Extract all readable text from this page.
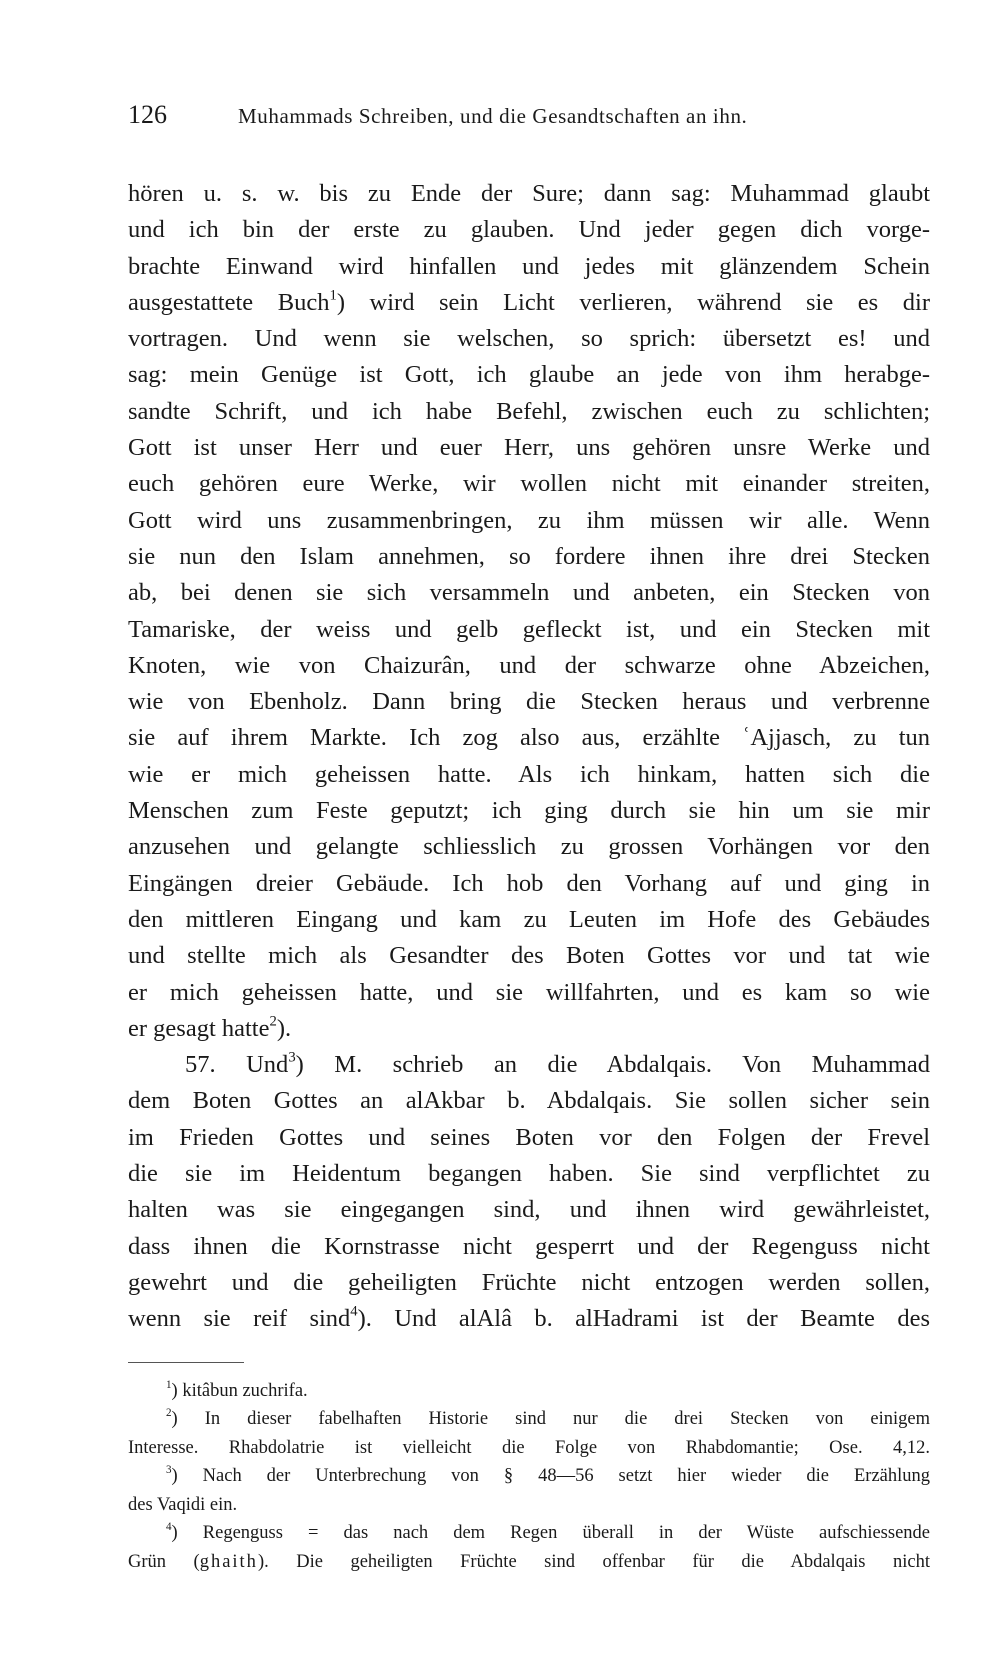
126	Muhammads Schreiben, und die Gesandtschaften an ihn.
hören u. s. w. bis zu Ende der Sure; dann sag: Muhammad glaubt
und ich bin der erste zu glauben. Und jeder gegen dich vorge-
brachte Einwand wird hinfallen und jedes mit glänzendem Schein
ausgestattete Buch$^1$) wird sein Licht verlieren, während sie es dir
vortragen. Und wenn sie welschen, so sprich: übersetzt es! und
sag: mein Genüge ist Gott, ich glaube an jede von ihm herabge-
sandte Schrift, und ich habe Befehl, zwischen euch zu schlichten;
Gott ist unser Herr und euer Herr, uns gehören unsre Werke und
euch gehören eure Werke, wir wollen nicht mit einander streiten,
Gott wird uns zusammenbringen, zu ihm müssen wir alle. Wenn
sie nun den Islam annehmen, so fordere ihnen ihre drei Stecken
ab, bei denen sie sich versammeln und anbeten, ein Stecken von
Tamariske, der weiss und gelb gefleckt ist, und ein Stecken mit
Knoten, wie von Chaizurân, und der schwarze ohne Abzeichen,
wie von Ebenholz. Dann bring die Stecken heraus und verbrenne
sie auf ihrem Markte. Ich zog also aus, erzählte ʿAjjasch, zu tun
wie er mich geheissen hatte. Als ich hinkam, hatten sich die
Menschen zum Feste geputzt; ich ging durch sie hin um sie mir
anzusehen und gelangte schliesslich zu grossen Vorhängen vor den
Eingängen dreier Gebäude. Ich hob den Vorhang auf und ging in
den mittleren Eingang und kam zu Leuten im Hofe des Gebäudes
und stellte mich als Gesandter des Boten Gottes vor und tat wie
er mich geheissen hatte, und sie willfahrten, und es kam so wie
er gesagt hatte$^2$).
57. Und$^3$) M. schrieb an die Abdalqais. Von Muhammad
dem Boten Gottes an alAkbar b. Abdalqais. Sie sollen sicher sein
im Frieden Gottes und seines Boten vor den Folgen der Frevel
die sie im Heidentum begangen haben. Sie sind verpflichtet zu
halten was sie eingegangen sind, und ihnen wird gewährleistet,
dass ihnen die Kornstrasse nicht gesperrt und der Regenguss nicht
gewehrt und die geheiligten Früchte nicht entzogen werden sollen,
wenn sie reif sind$^4$). Und alAlâ b. alHadrami ist der Beamte des
$^1$) kitâbun zuchrifa.
$^2$) In dieser fabelhaften Historie sind nur die drei Stecken von einigem
Interesse. Rhabdolatrie ist vielleicht die Folge von Rhabdomantie; Ose. 4,12.
$^3$) Nach der Unterbrechung von § 48—56 setzt hier wieder die Erzählung
des Vaqidi ein.
$^4$) Regenguss = das nach dem Regen überall in der Wüste aufschiessende
Grün (ghaith). Die geheiligten Früchte sind offenbar für die Abdalqais nicht
